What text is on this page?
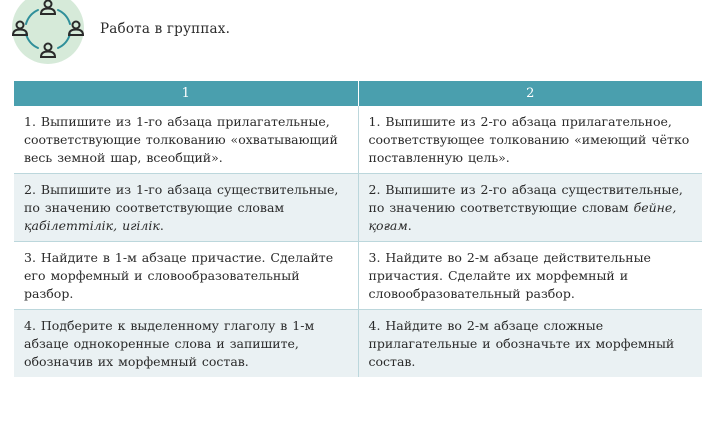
Работа в группах.
1	2
1. Выпишите из 1-го абзаца прилагательные, соответствующие толкованию «охватывающий весь земной шар, всеобщий».	1. Выпишите из 2-го абзаца прилагательное, соответствующее толкованию «имеющий чётко поставленную цель».
2. Выпишите из 1-го абзаца существительные, по значению соответствующие словам қабілеттілік, игілік.	2. Выпишите из 2-го абзаца существительные, по значению соответствующие словам бейне, қоғам.
3. Найдите в 1-м абзаце причастие. Сделайте его морфемный и словообразовательный разбор.	3. Найдите во 2-м абзаце действительные причастия. Сделайте их морфемный и словообразовательный разбор.
4. Подберите к выделенному глаголу в 1-м абзаце однокоренные слова и запишите, обозначив их морфемный состав.	4. Найдите во 2-м абзаце сложные прилагательные и обозначьте их морфемный состав.
